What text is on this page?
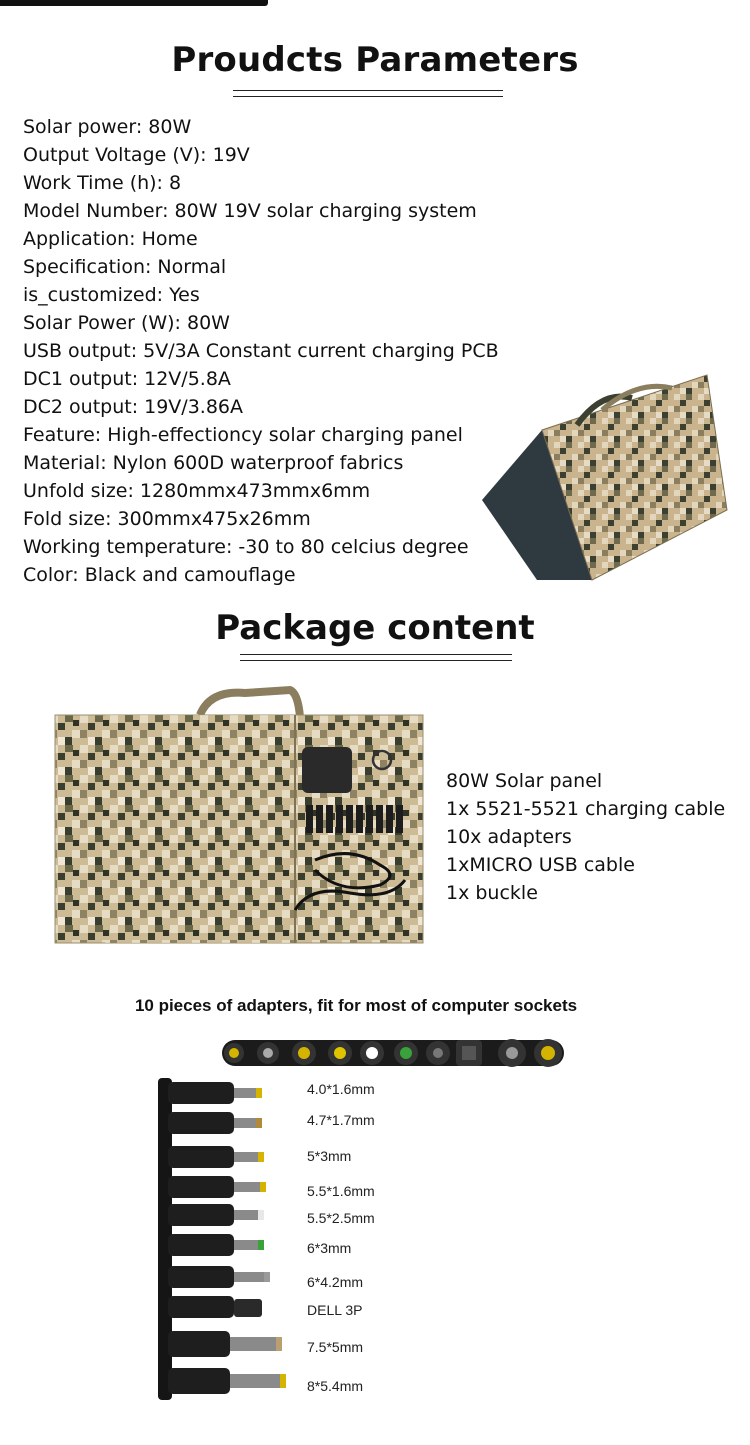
Proudcts Parameters
Solar power: 80W
Output Voltage (V): 19V
Work Time (h): 8
Model Number: 80W 19V solar charging system
Application: Home
Specification: Normal
is_customized: Yes
Solar Power (W): 80W
USB output: 5V/3A Constant current charging PCB
DC1 output: 12V/5.8A
DC2 output: 19V/3.86A
Feature: High-effectioncy solar charging panel
Material: Nylon 600D waterproof fabrics
Unfold size: 1280mmx473mmx6mm
Fold size: 300mmx475x26mm
Working temperature: -30 to 80 celcius degree
Color: Black and camouflage
Package content
80W Solar panel
1x 5521-5521 charging cable
10x adapters
1xMICRO USB cable
1x buckle
10 pieces of adapters, fit for most of computer sockets
4.0*1.6mm
4.7*1.7mm
5*3mm
5.5*1.6mm
5.5*2.5mm
6*3mm
6*4.2mm
DELL 3P
7.5*5mm
8*5.4mm
